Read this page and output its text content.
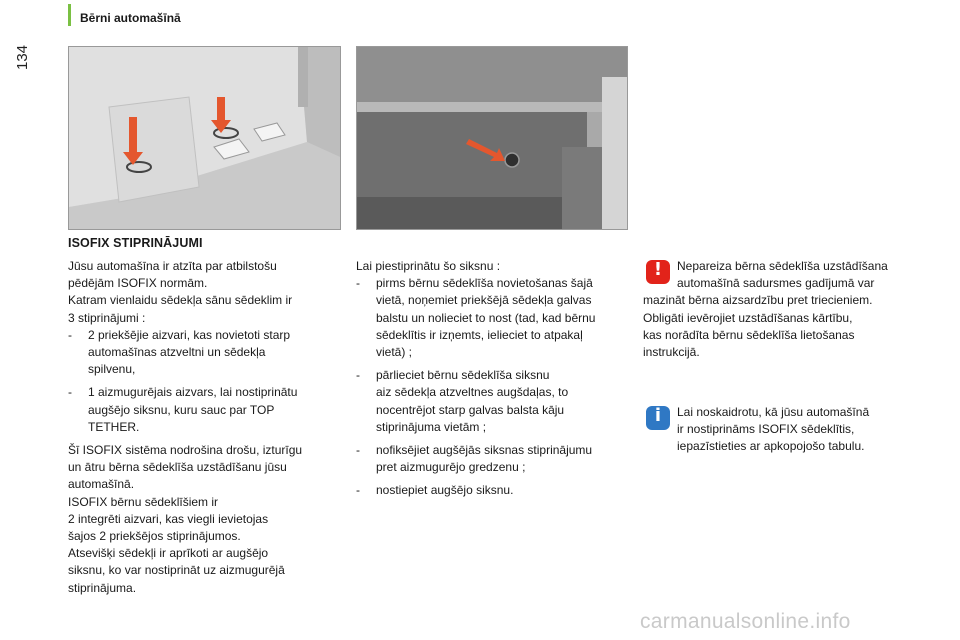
Bērni automašīnā
134
ISOFIX STIPRINĀJUMI

Jūsu automašīna ir atzīta par atbilstošu

pēdējām ISOFIX normām.

Katram vienlaidu sēdekļa sānu sēdeklim ir

3 stiprinājumi :

- 2 priekšējie aizvari, kas novietoti starp

automašīnas atzveltni un sēdekļa

spilvenu,

- 1 aizmugurējais aizvars, lai nostiprinātu

augšējo siksnu, kuru sauc par TOP

TETHER.

Šī ISOFIX sistēma nodrošina drošu, izturīgu

un ātru bērna sēdeklīša uzstādīšanu jūsu

automašīnā.

ISOFIX bērnu sēdeklīšiem ir

2 integrēti aizvari, kas viegli ievietojas

šajos 2 priekšējos stiprinājumos.

Atsevišķi sēdekļi ir aprīkoti ar augšējo

siksnu, ko var nostiprināt uz aizmugurējā

stiprinājuma.

Lai piestiprinātu šo siksnu :

- pirms bērnu sēdeklīša novietošanas šajā

vietā, noņemiet priekšējā sēdekļa galvas

balstu un nolieciet to nost (tad, kad bērnu

sēdeklītis ir izņemts, ielieciet to atpakaļ

vietā) ;

- pārlieciet bērnu sēdeklīša siksnu

aiz sēdekļa atzveltnes augšdaļas, to

nocentrējot starp galvas balsta kāju

stiprinājuma vietām ;

- nofiksējiet augšējās siksnas stiprinājumu

pret aizmugurējo gredzenu ;

- nostiepiet augšējo siksnu.

!	Nepareiza bērna sēdeklīša uzstādīšana

automašīnā sadursmes gadījumā var

mazināt bērna aizsardzību pret triecieniem.

Obligāti ievērojiet uzstādīšanas kārtību,

kas norādīta bērnu sēdeklīša lietošanas

instrukcijā.

i	Lai noskaidrotu, kā jūsu automašīnā

ir nostiprināms ISOFIX sēdeklītis,

iepazīstieties ar apkopojošo tabulu.

carmanualsonline.info
